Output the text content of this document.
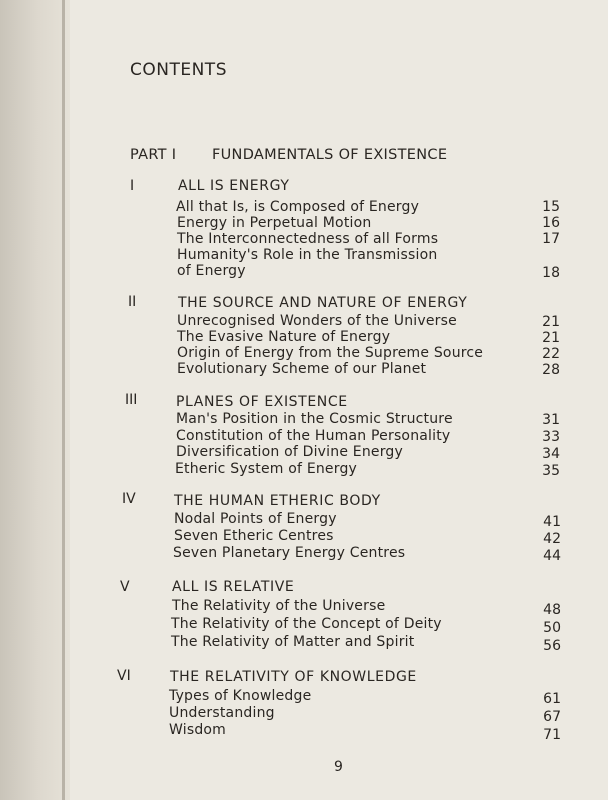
CONTENTS
PART I FUNDAMENTALS OF EXISTENCE
I	ALL IS ENERGY
All that Is, is Composed of Energy	15
Energy in Perpetual Motion	16
The Interconnectedness of all Forms	17
Humanity's Role in the Transmission
of Energy	18
II	THE SOURCE AND NATURE OF ENERGY
Unrecognised Wonders of the Universe	21
The Evasive Nature of Energy	21
Origin of Energy from the Supreme Source	22
Evolutionary Scheme of our Planet	28
III	PLANES OF EXISTENCE
Man's Position in the Cosmic Structure	31
Constitution of the Human Personality	33
Diversification of Divine Energy	34
Etheric System of Energy	35
IV	THE HUMAN ETHERIC BODY
Nodal Points of Energy	41
Seven Etheric Centres	42
Seven Planetary Energy Centres	44
V	ALL IS RELATIVE
The Relativity of the Universe	48
The Relativity of the Concept of Deity	50
The Relativity of Matter and Spirit	56
VI	THE RELATIVITY OF KNOWLEDGE
Types of Knowledge	61
Understanding	67
Wisdom	71
9
